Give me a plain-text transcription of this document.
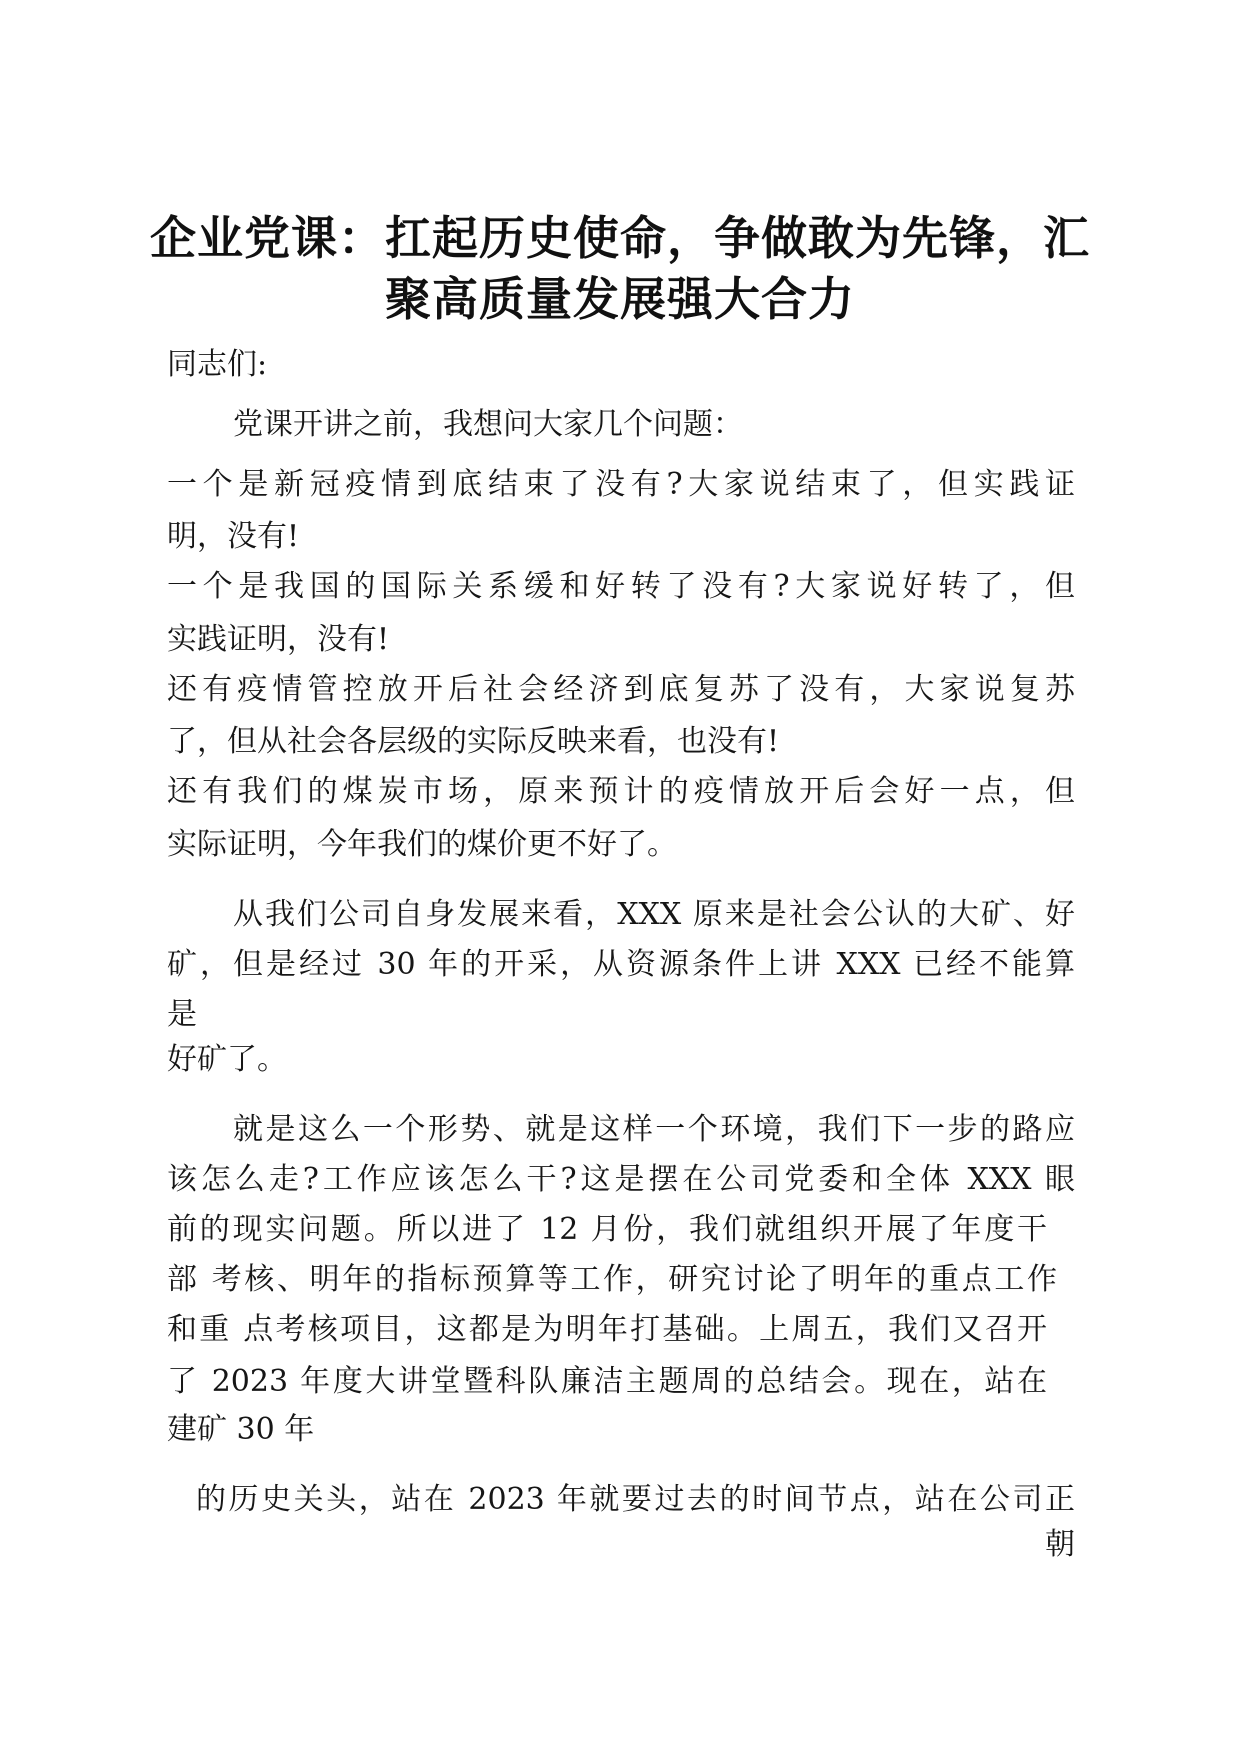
企业党课：扛起历史使命，争做敢为先锋，汇
聚高质量发展强大合力
同志们:
党课开讲之前，我想问大家几个问题：
一个是新冠疫情到底结束了没有?大家说结束了，但实践证
明，没有!
一个是我国的国际关系缓和好转了没有?大家说好转了，但
实践证明，没有!
还有疫情管控放开后社会经济到底复苏了没有，大家说复苏
了，但从社会各层级的实际反映来看，也没有!
还有我们的煤炭市场，原来预计的疫情放开后会好一点，但
实际证明，今年我们的煤价更不好了。
从我们公司自身发展来看，XXX 原来是社会公认的大矿、好
矿，但是经过 30 年的开采，从资源条件上讲 XXX 已经不能算
是
好矿了。
就是这么一个形势、就是这样一个环境，我们下一步的路应
该怎么走?工作应该怎么干?这是摆在公司党委和全体 XXX 眼
前的现实问题。所以进了 12 月份，我们就组织开展了年度干
部 考核、明年的指标预算等工作，研究讨论了明年的重点工作
和重 点考核项目，这都是为明年打基础。上周五，我们又召开
了 2023 年度大讲堂暨科队廉洁主题周的总结会。现在，站在
建矿 30 年
的历史关头，站在 2023 年就要过去的时间节点，站在公司正
朝
